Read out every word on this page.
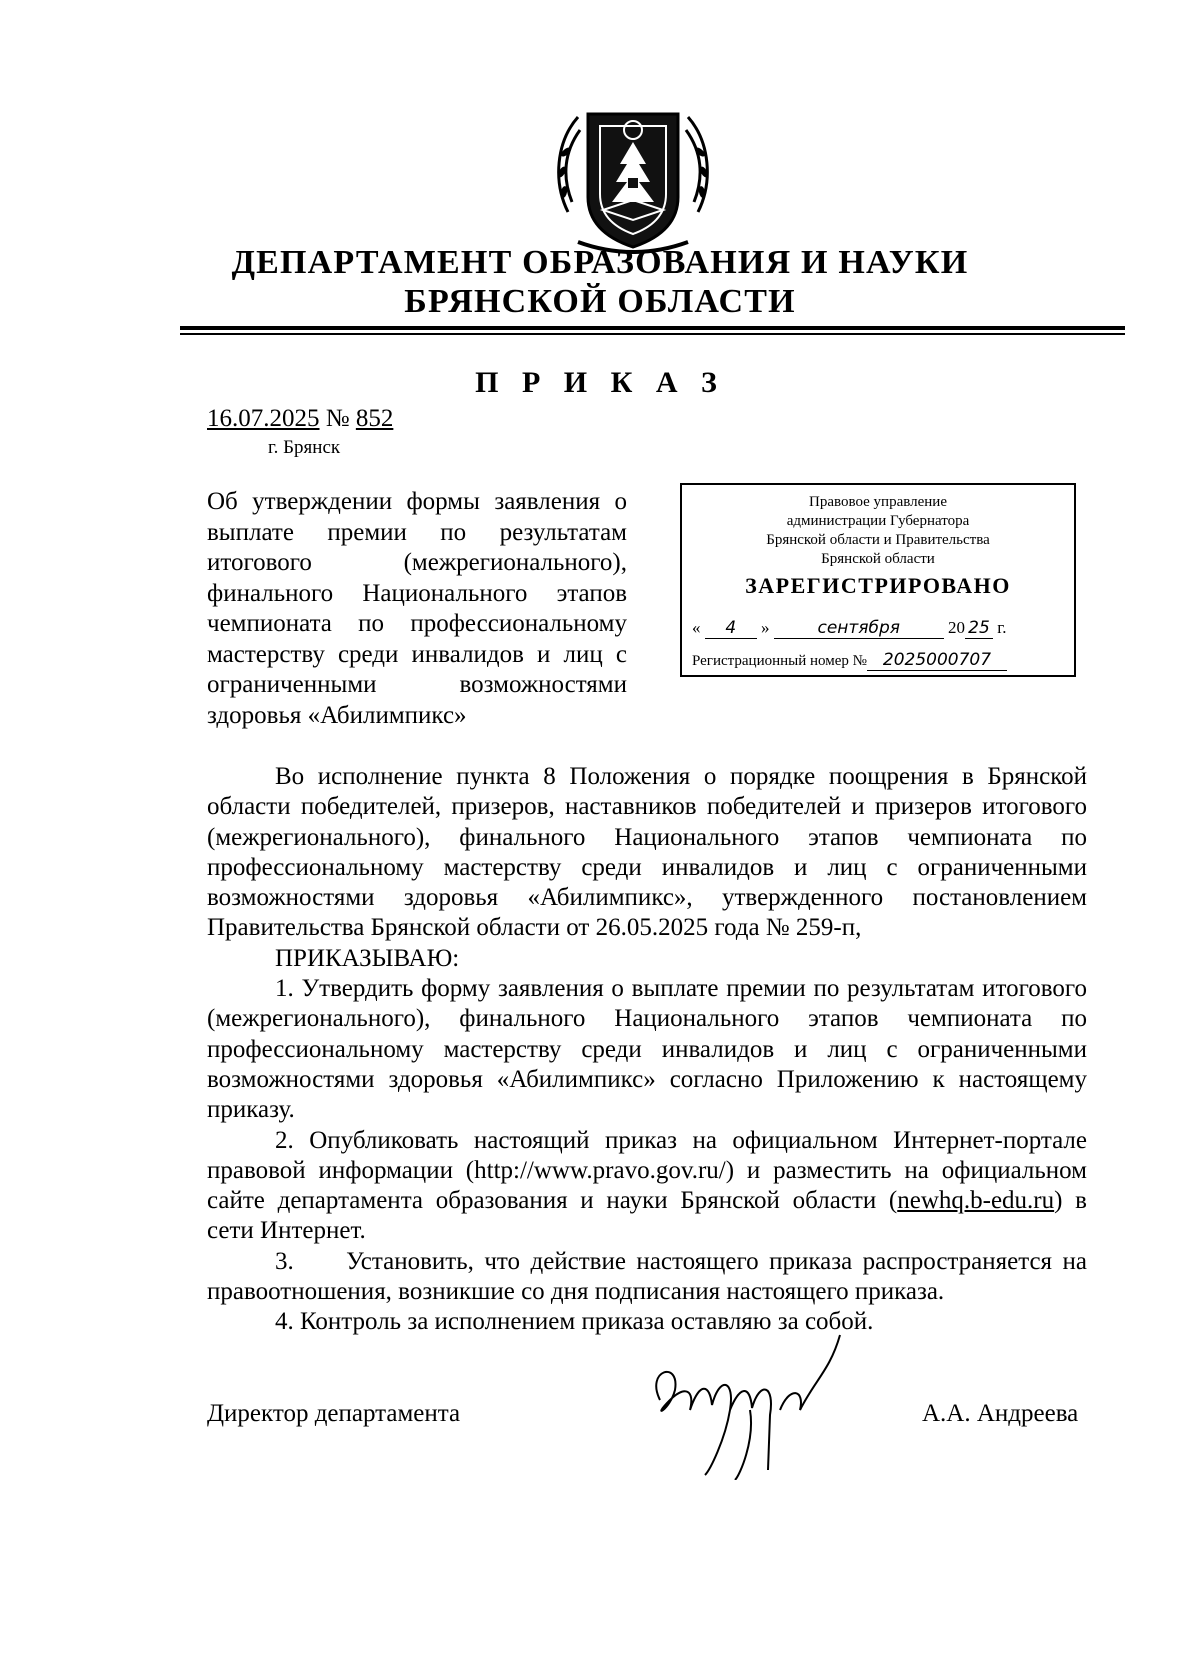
ДЕПАРТАМЕНТ ОБРАЗОВАНИЯ И НАУКИ
БРЯНСКОЙ ОБЛАСТИ
П Р И К А З
16.07.2025 № 852
г. Брянск
Об утверждении формы заявления о выплате премии по результатам итогового (межрегионального), финального Национального этапов чемпионата по профессиональному мастерству среди инвалидов и лиц с ограниченными возможностями здоровья «Абилимпикс»
Правовое управление
администрации Губернатора
Брянской области и Правительства
Брянской области
ЗАРЕГИСТРИРОВАНО
« 4 »	сентября	20 25 г.
Регистрационный номер № 2025000707

Во исполнение пункта 8 Положения о порядке поощрения в Брянской области победителей, призеров, наставников победителей и призеров итогового (межрегионального), финального Национального этапов чемпионата по профессиональному мастерству среди инвалидов и лиц с ограниченными возможностями здоровья «Абилимпикс», утвержденного постановлением Правительства Брянской области от 26.05.2025 года № 259-п,

ПРИКАЗЫВАЮ:

1. Утвердить форму заявления о выплате премии по результатам итогового (межрегионального), финального Национального этапов чемпионата по профессиональному мастерству среди инвалидов и лиц с ограниченными возможностями здоровья «Абилимпикс» согласно Приложению к настоящему приказу.

2. Опубликовать настоящий приказ на официальном Интернет-портале правовой информации (http://www.pravo.gov.ru/) и разместить на официальном сайте департамента образования и науки Брянской области (newhq.b-edu.ru) в сети Интернет.

3.     Установить, что действие настоящего приказа распространяется на правоотношения, возникшие со дня подписания настоящего приказа.

4. Контроль за исполнением приказа оставляю за собой.

Директор департамента	А.А. Андреева
